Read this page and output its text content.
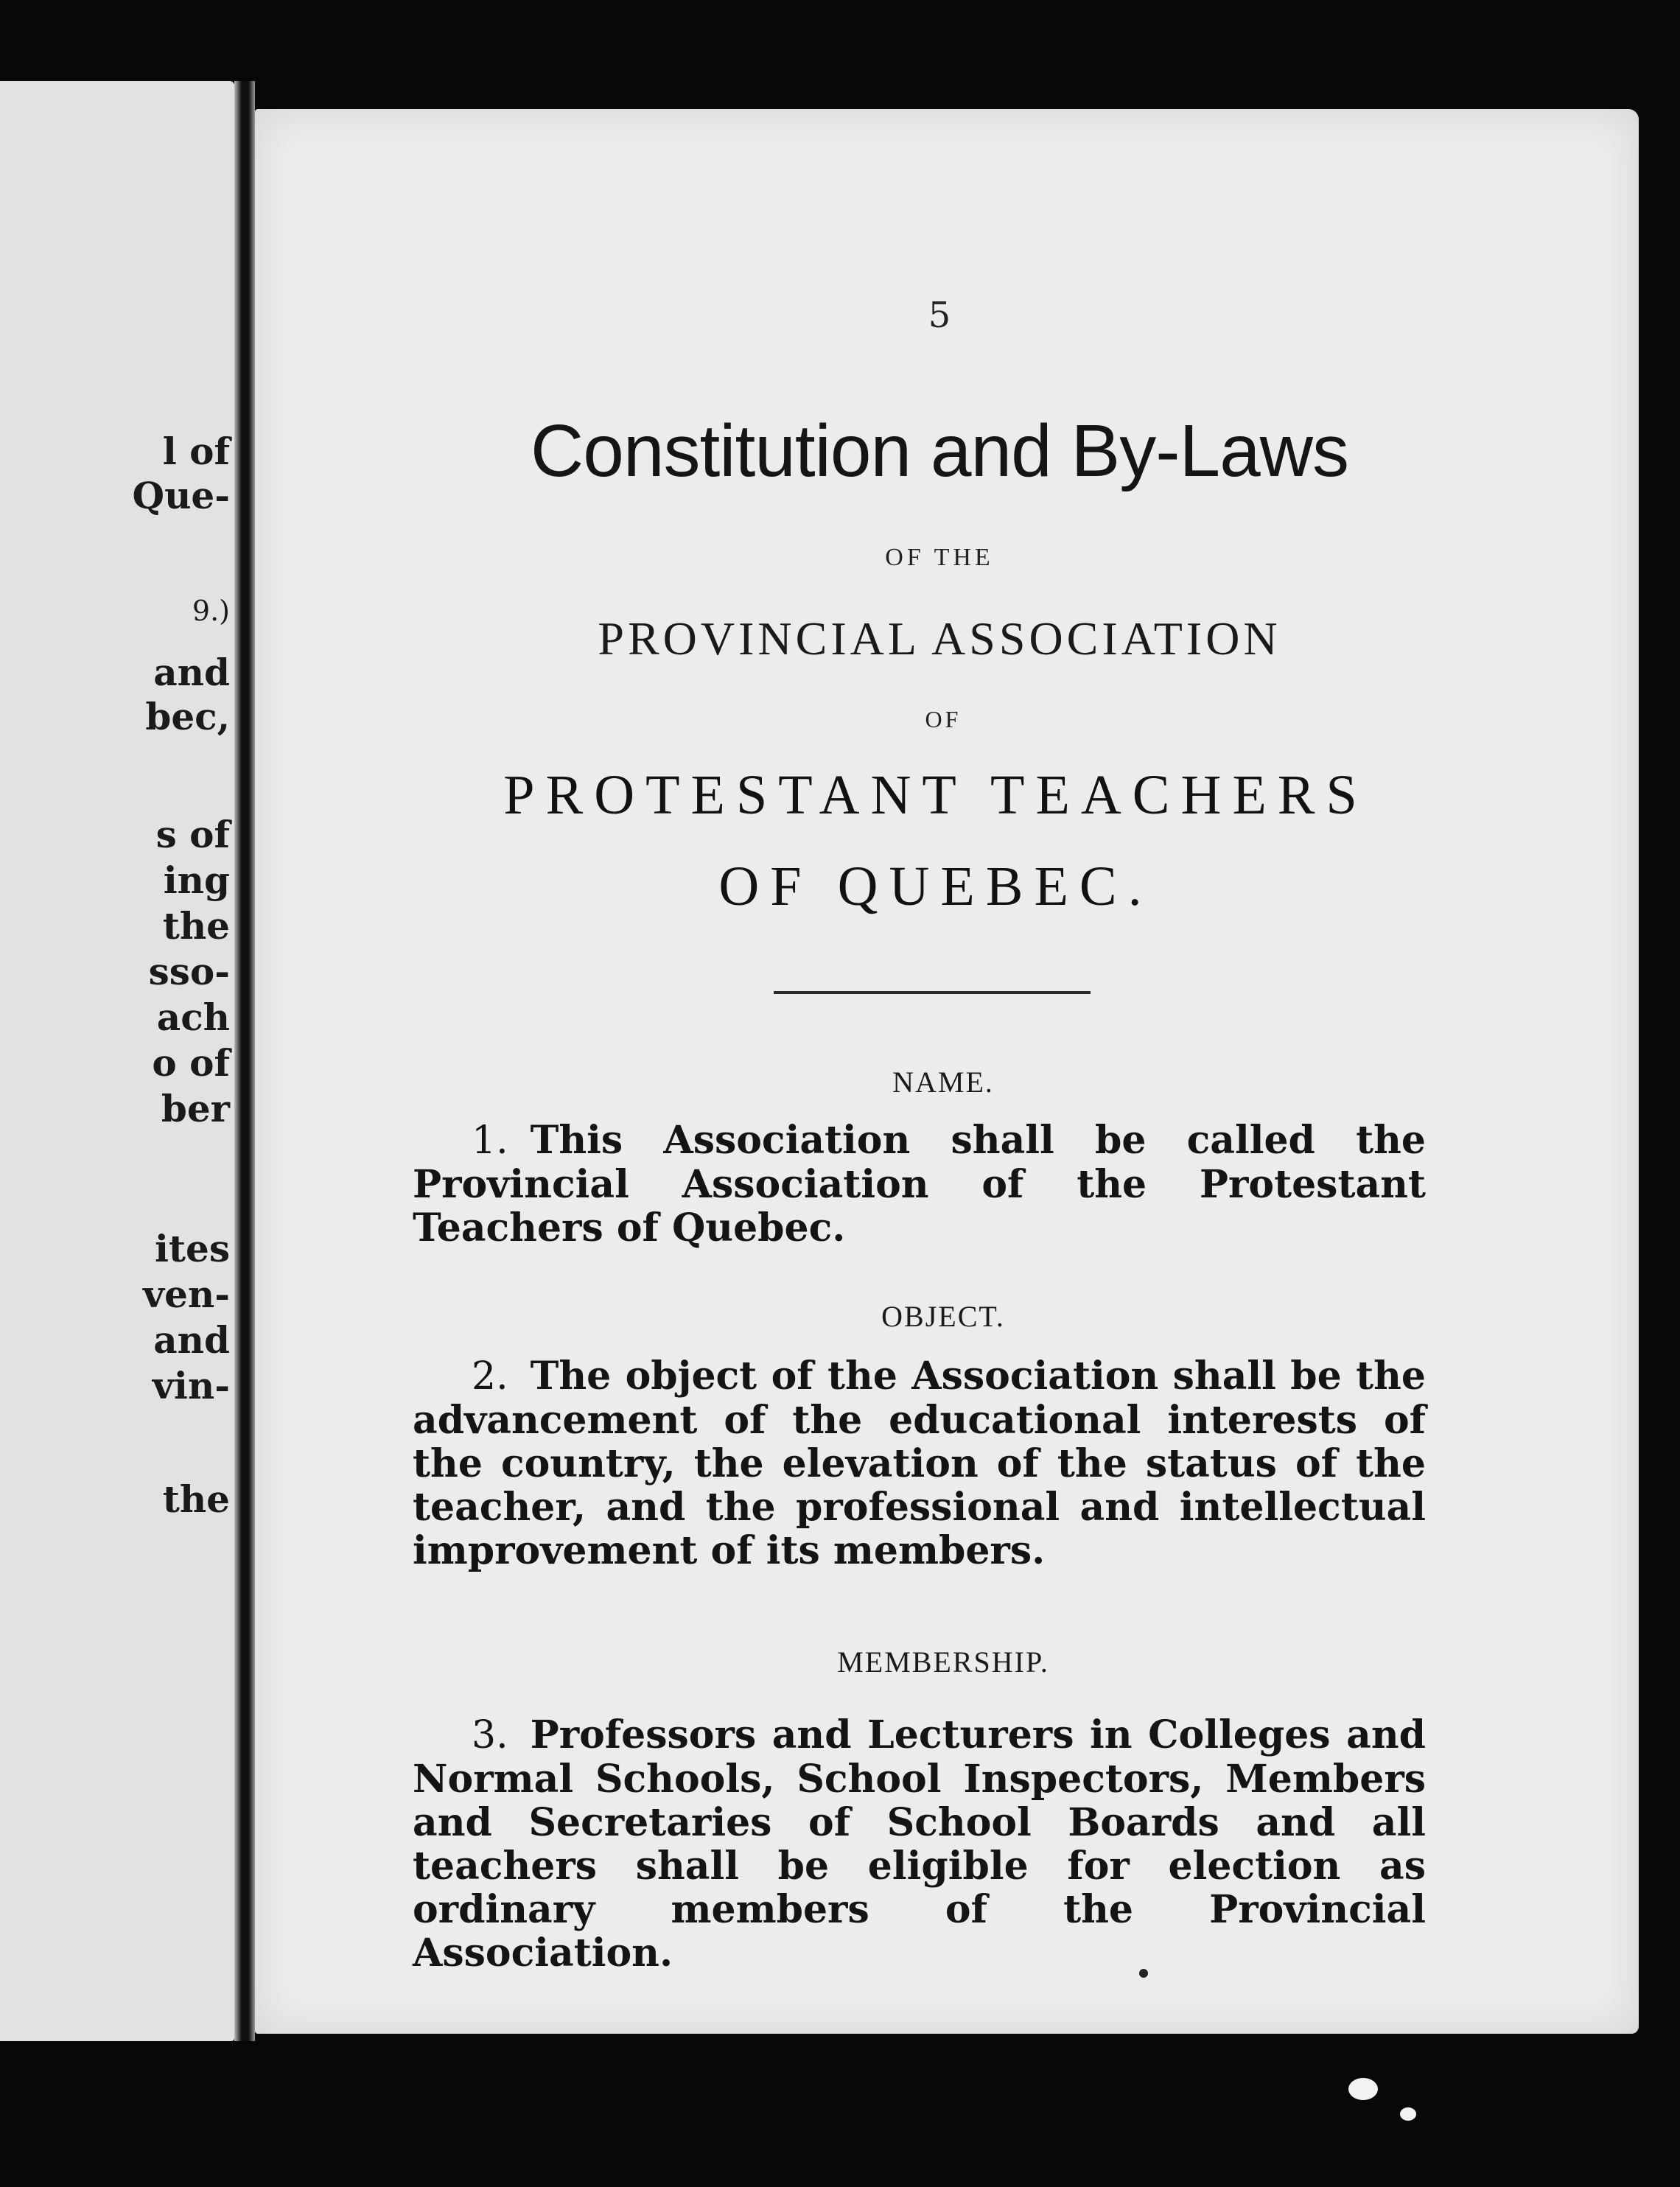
l of
Que-
9.)
and
bec,
s of
ing
the
sso-
ach
o of
ber
ites
ven-
and
vin-
the
5
Constitution and By-Laws
OF THE
PROVINCIAL ASSOCIATION
OF
PROTESTANT TEACHERS
OF QUEBEC.
NAME.
1. This Association shall be called the Provincial Association of the Protestant Teachers of Quebec.
OBJECT.
2. The object of the Association shall be the advancement of the educational interests of the country, the elevation of the status of the teacher, and the professional and intellectual improvement of its members.
MEMBERSHIP.
3. Professors and Lecturers in Colleges and Normal Schools, School Inspectors, Members and Secretaries of School Boards and all teachers shall be eligible for election as ordinary members of the Provincial Association.
